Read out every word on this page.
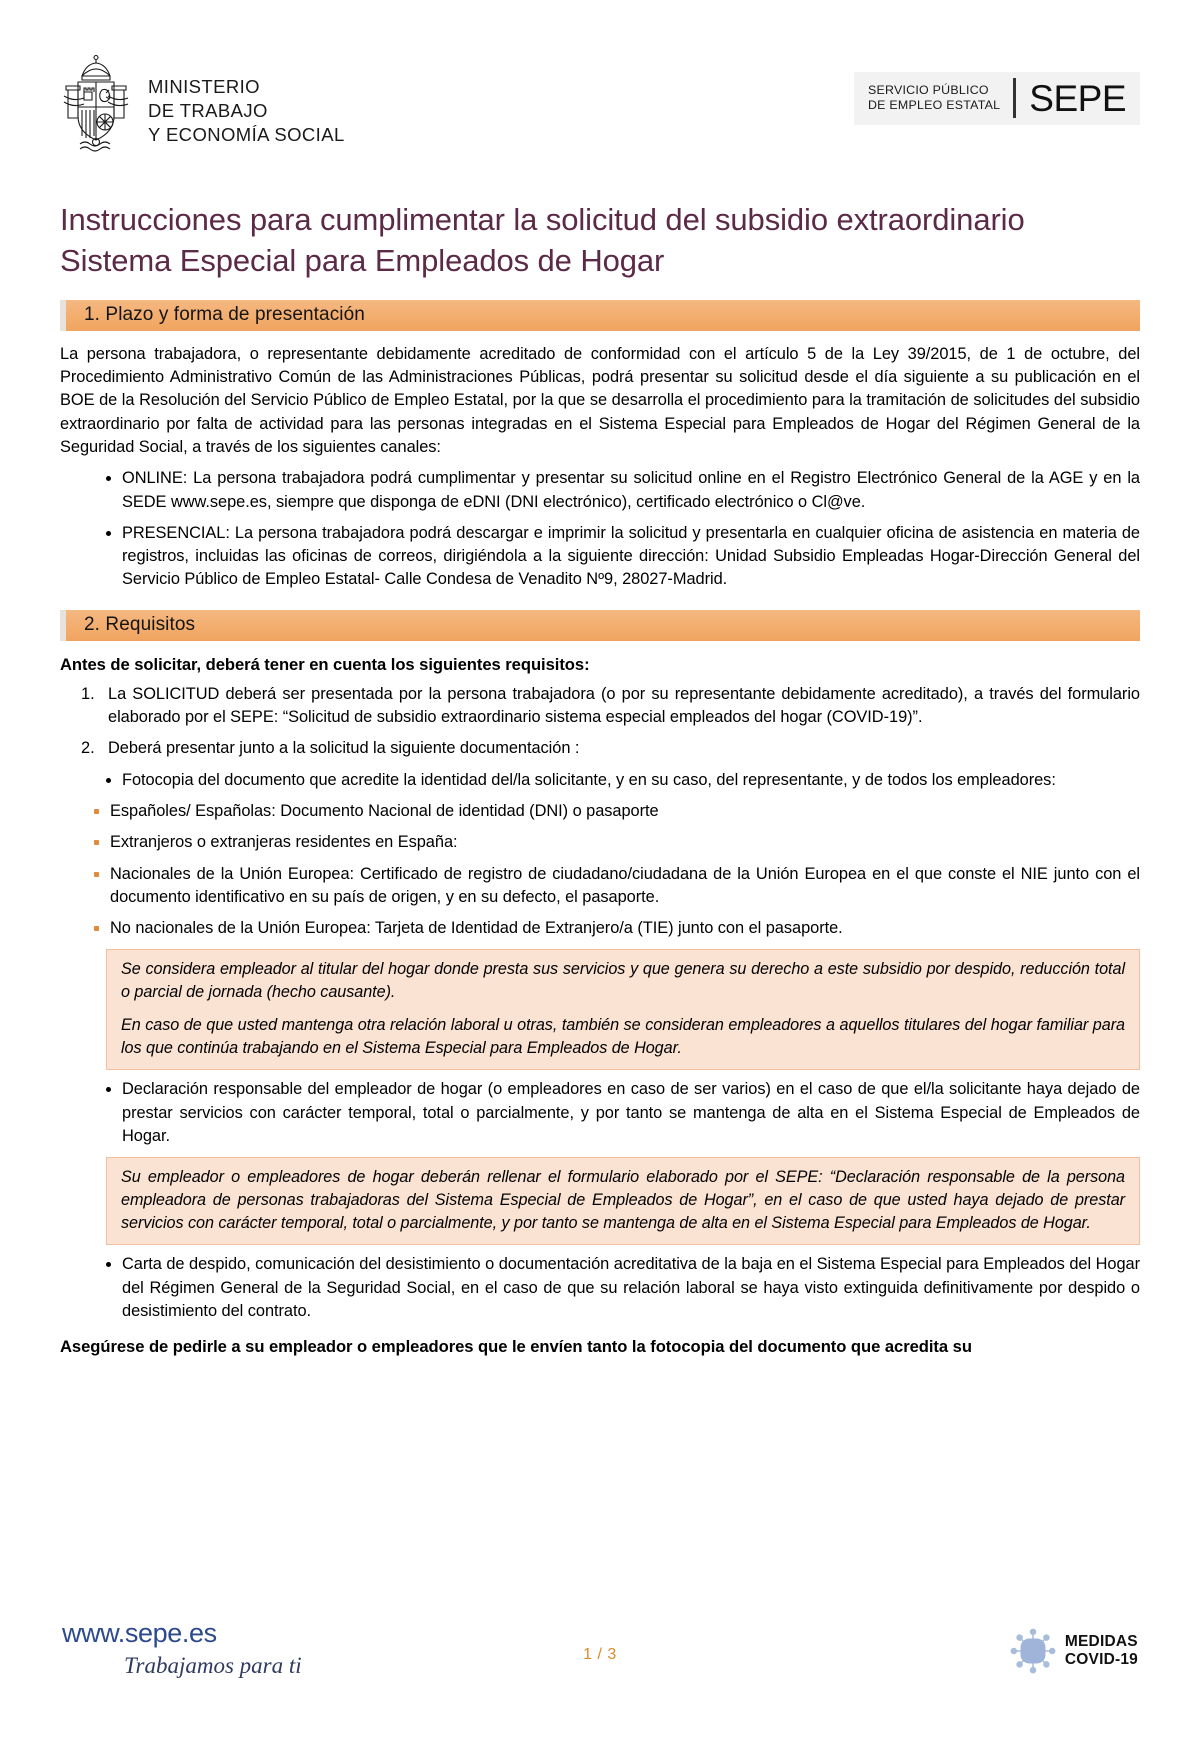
MINISTERIO
DE TRABAJO
Y ECONOMÍA SOCIAL
SERVICIO PÚBLICO
DE EMPLEO ESTATAL SEPE
Instrucciones para cumplimentar la solicitud del subsidio extraordinario Sistema Especial para Empleados de Hogar
1. Plazo y forma de presentación

La persona trabajadora, o representante debidamente acreditado de conformidad con el artículo 5 de la Ley 39/2015, de 1 de octubre, del Procedimiento Administrativo Común de las Administraciones Públicas, podrá presentar su solicitud desde el día siguiente a su publicación en el BOE de la Resolución del Servicio Público de Empleo Estatal, por la que se desarrolla el procedimiento para la tramitación de solicitudes del subsidio extraordinario por falta de actividad para las personas integradas en el Sistema Especial para Empleados de Hogar del Régimen General de la Seguridad Social, a través de los siguientes canales:

ONLINE: La persona trabajadora podrá cumplimentar y presentar su solicitud online en el Registro Electrónico General de la AGE y en la SEDE www.sepe.es, siempre que disponga de eDNI (DNI electrónico), certificado electrónico o Cl@ve.
PRESENCIAL: La persona trabajadora podrá descargar e imprimir la solicitud y presentarla en cualquier oficina de asistencia en materia de registros, incluidas las oficinas de correos, dirigiéndola a la siguiente dirección: Unidad Subsidio Empleadas Hogar-Dirección General del Servicio Público de Empleo Estatal- Calle Condesa de Venadito Nº9, 28027-Madrid.
2. Requisitos

Antes de solicitar, deberá tener en cuenta los siguientes requisitos:

La SOLICITUD deberá ser presentada por la persona trabajadora (o por su representante debidamente acreditado), a través del formulario elaborado por el SEPE: “Solicitud de subsidio extraordinario sistema especial empleados del hogar (COVID-19)”.
Deberá presentar junto a la solicitud la siguiente documentación :
Fotocopia del documento que acredite la identidad del/la solicitante, y en su caso, del representante, y de todos los empleadores:
Españoles/ Españolas: Documento Nacional de identidad (DNI) o pasaporte
Extranjeros o extranjeras residentes en España:
Nacionales de la Unión Europea: Certificado de registro de ciudadano/ciudadana de la Unión Europea en el que conste el NIE junto con el documento identificativo en su país de origen, y en su defecto, el pasaporte.
No nacionales de la Unión Europea: Tarjeta de Identidad de Extranjero/a (TIE) junto con el pasaporte.

Se considera empleador al titular del hogar donde presta sus servicios y que genera su derecho a este subsidio por despido, reducción total o parcial de jornada (hecho causante).

En caso de que usted mantenga otra relación laboral u otras, también se consideran empleadores a aquellos titulares del hogar familiar para los que continúa trabajando en el Sistema Especial para Empleados de Hogar.

Declaración responsable del empleador de hogar (o empleadores en caso de ser varios) en el caso de que el/la solicitante haya dejado de prestar servicios con carácter temporal, total o parcialmente, y por tanto se mantenga de alta en el Sistema Especial de Empleados de Hogar.

Su empleador o empleadores de hogar deberán rellenar el formulario elaborado por el SEPE: “Declaración responsable de la persona empleadora de personas trabajadoras del Sistema Especial de Empleados de Hogar”, en el caso de que usted haya dejado de prestar servicios con carácter temporal, total o parcialmente, y por tanto se mantenga de alta en el Sistema Especial para Empleados de Hogar.

Carta de despido, comunicación del desistimiento o documentación acreditativa de la baja en el Sistema Especial para Empleados del Hogar del Régimen General de la Seguridad Social, en el caso de que su relación laboral se haya visto extinguida definitivamente por despido o desistimiento del contrato.

Asegúrese de pedirle a su empleador o empleadores que le envíen tanto la fotocopia del documento que acredita su

www.sepe.es
Trabajamos para ti	1 / 3
MEDIDAS
COVID-19
